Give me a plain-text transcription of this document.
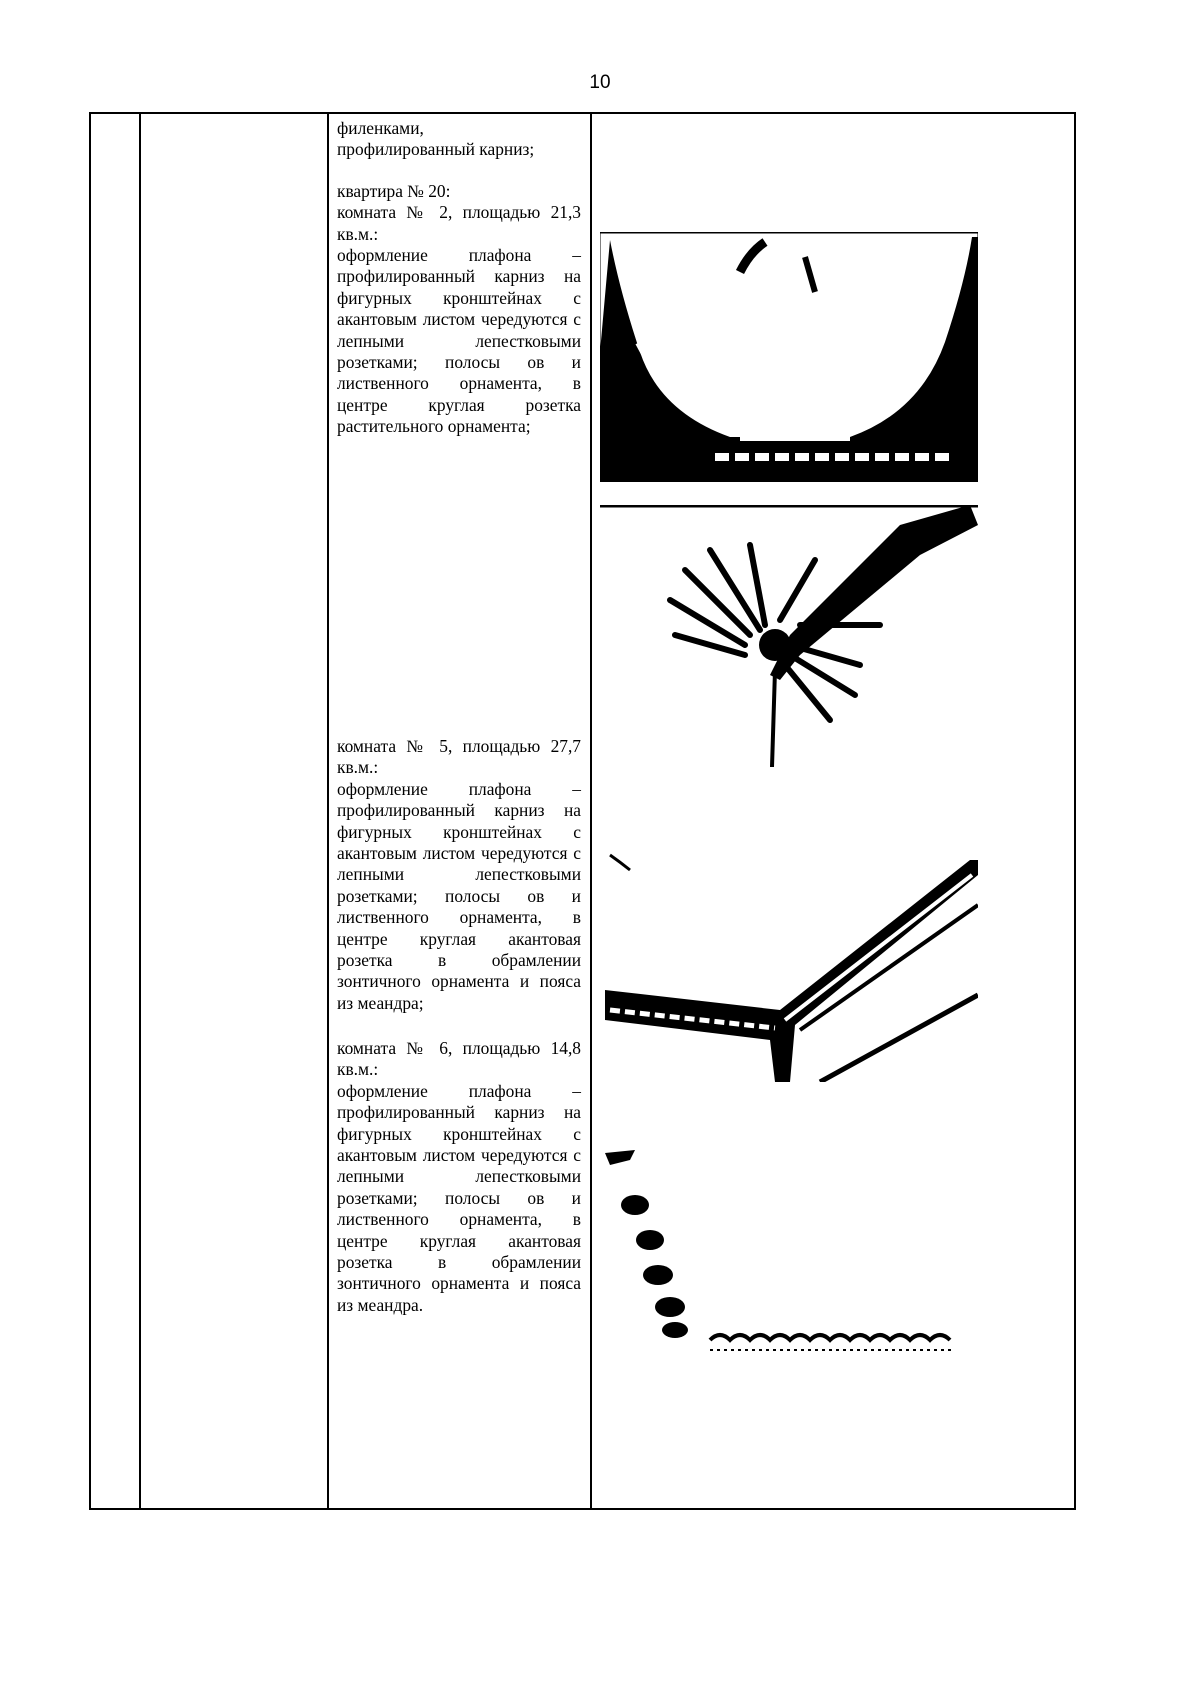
10

филенками,

профилированный карниз;

квартира № 20:

комната № 2, площадью 21,3 кв.м.:

оформление плафона – профилированный карниз на фигурных кронштейнах с акантовым листом чередуются с лепными лепестковыми розетками; полосы ов и лиственного орнамента, в центре круглая розетка растительного орнамента;

комната № 5, площадью 27,7 кв.м.:

оформление плафона – профилированный карниз на фигурных кронштейнах с акантовым листом чередуются с лепными лепестковыми розетками; полосы ов и лиственного орнамента, в центре круглая акантовая розетка в обрамлении зонтичного орнамента и пояса из меандра;

комната № 6, площадью 14,8 кв.м.:

оформление плафона – профилированный карниз на фигурных кронштейнах с акантовым листом чередуются с лепными лепестковыми розетками; полосы ов и лиственного орнамента, в центре круглая акантовая розетка в обрамлении зонтичного орнамента и пояса из меандра.
